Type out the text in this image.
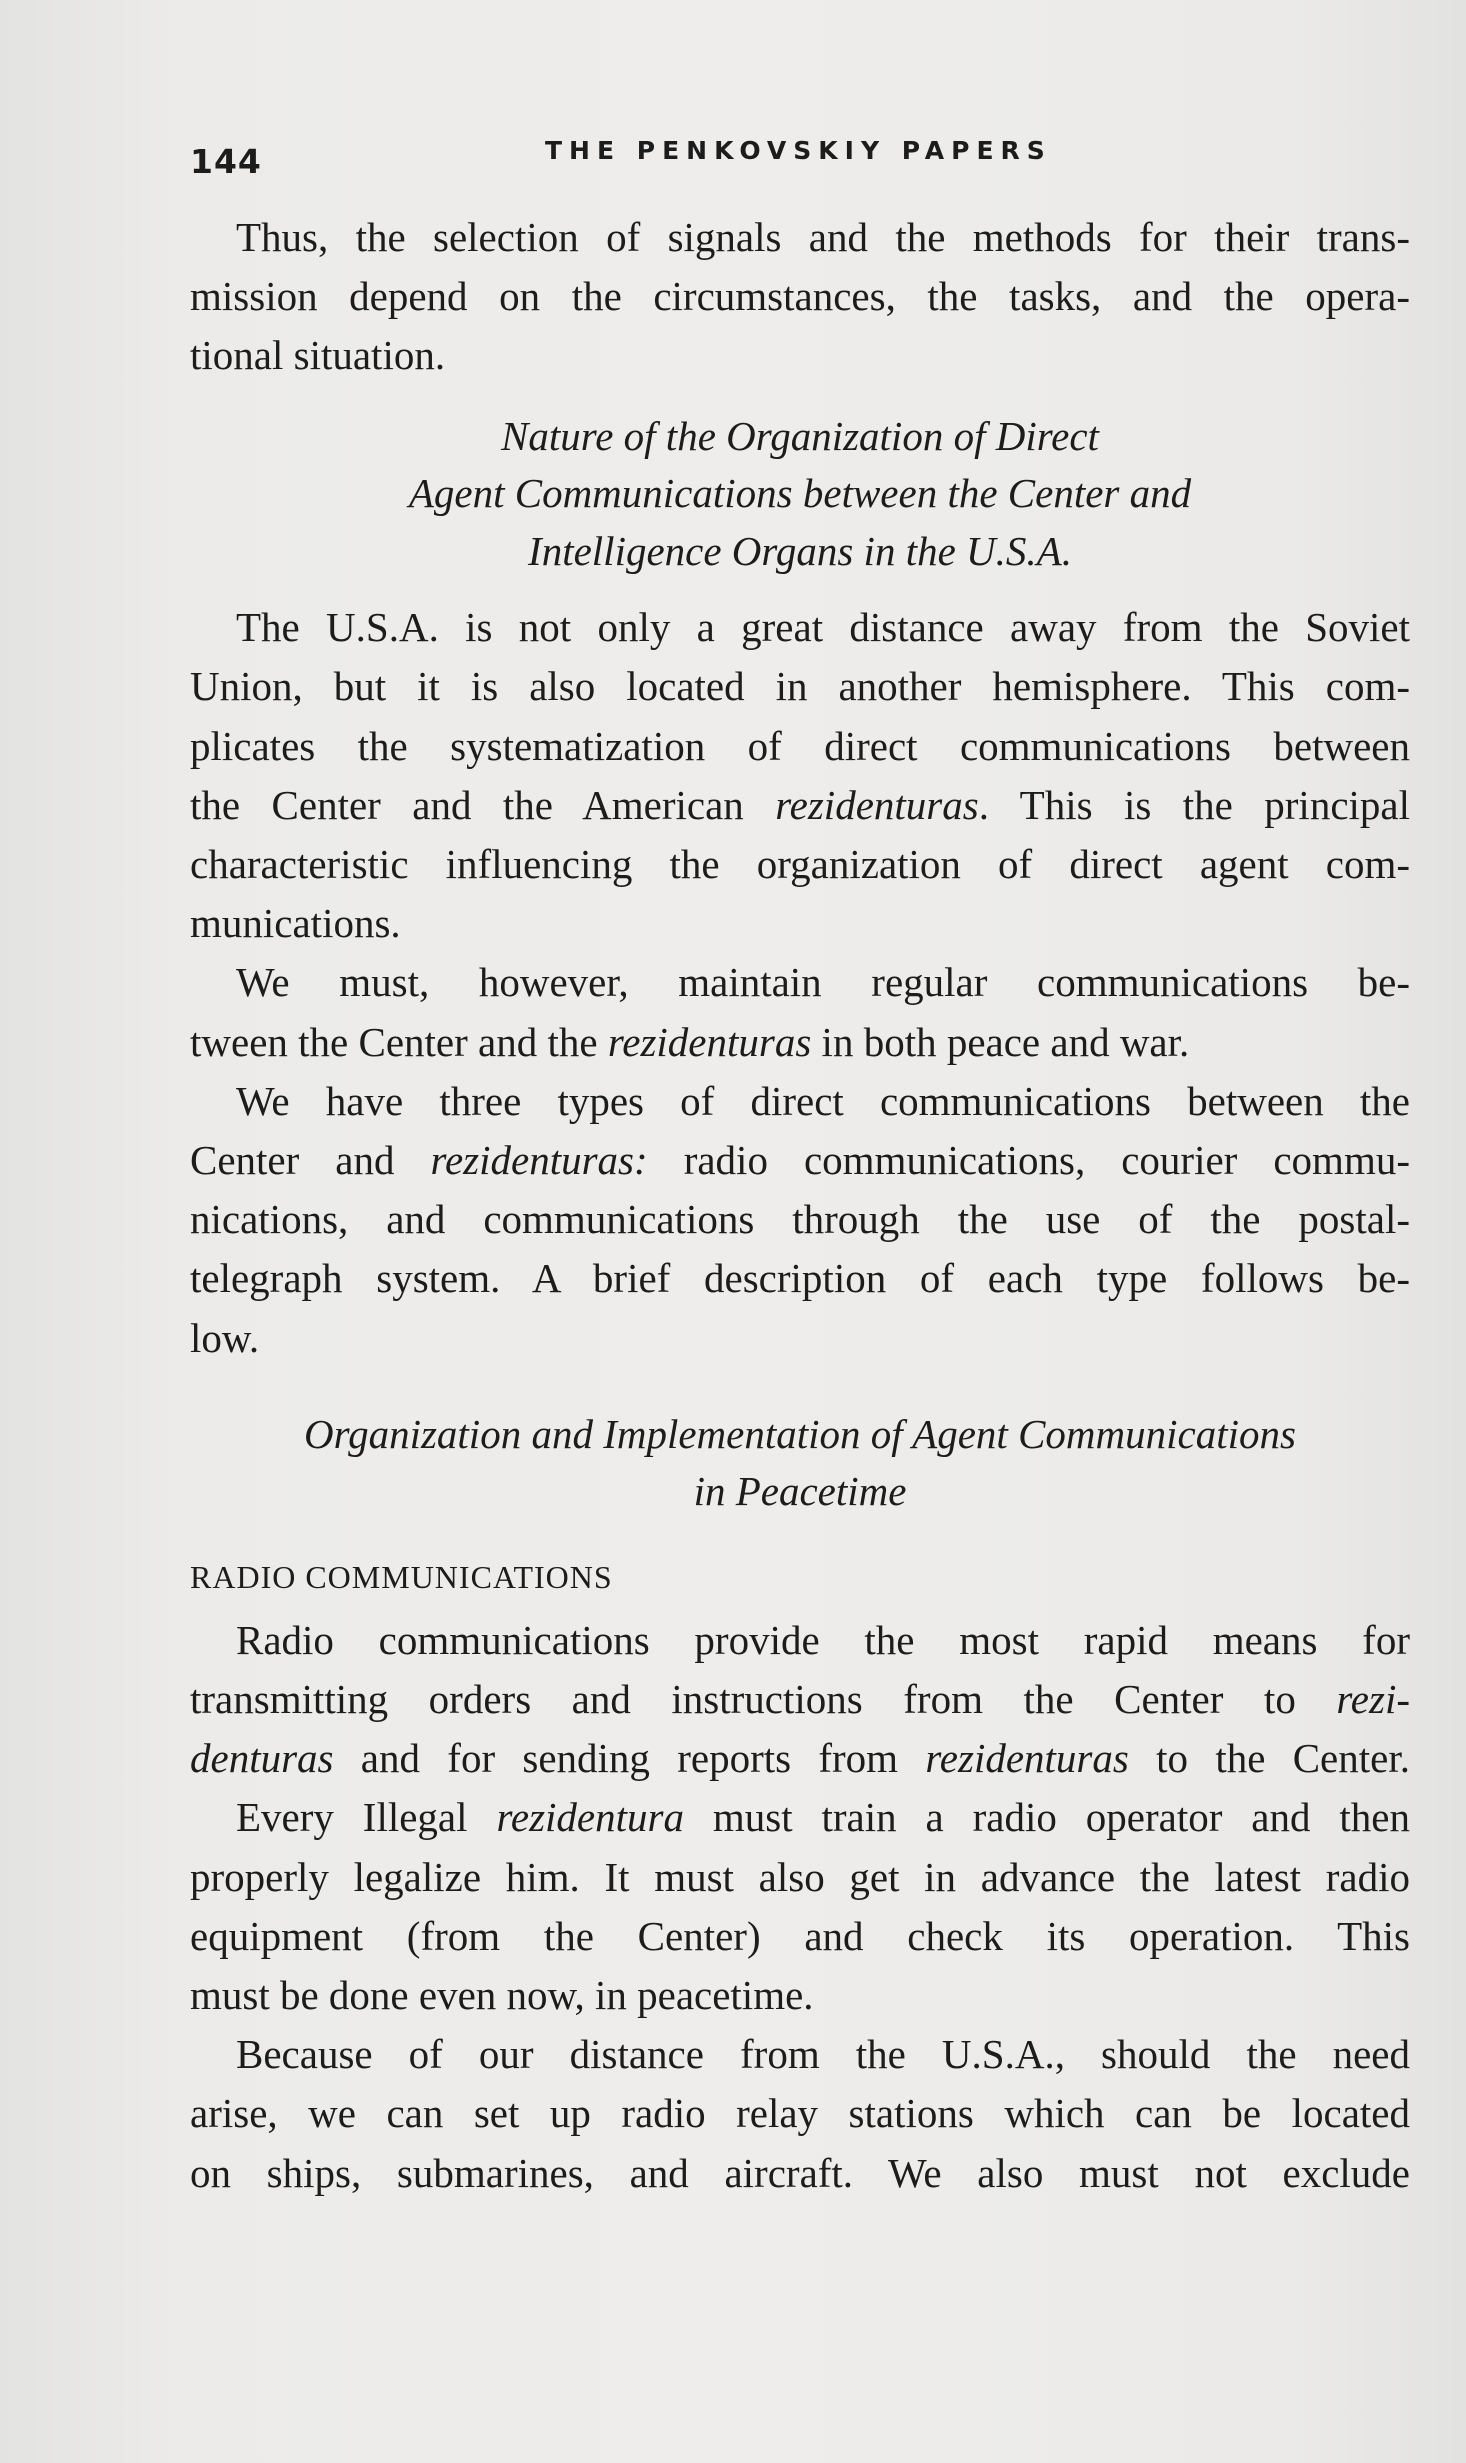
144	THE PENKOVSKIY PAPERS

Thus, the selection of signals and the methods for their trans-
mission depend on the circumstances, the tasks, and the opera-
tional situation.

Nature of the Organization of Direct
Agent Communications between the Center and
Intelligence Organs in the U.S.A.

The U.S.A. is not only a great distance away from the Soviet
Union, but it is also located in another hemisphere. This com-
plicates the systematization of direct communications between
the Center and the American rezidenturas. This is the principal
characteristic influencing the organization of direct agent com-
munications.

We must, however, maintain regular communications be-
tween the Center and the rezidenturas in both peace and war.

We have three types of direct communications between the
Center and rezidenturas: radio communications, courier commu-
nications, and communications through the use of the postal-
telegraph system. A brief description of each type follows be-
low.

Organization and Implementation of Agent Communications
in Peacetime
RADIO COMMUNICATIONS

Radio communications provide the most rapid means for
transmitting orders and instructions from the Center to rezi-
denturas and for sending reports from rezidenturas to the Center.

Every Illegal rezidentura must train a radio operator and then
properly legalize him. It must also get in advance the latest radio
equipment (from the Center) and check its operation. This
must be done even now, in peacetime.

Because of our distance from the U.S.A., should the need
arise, we can set up radio relay stations which can be located
on ships, submarines, and aircraft. We also must not exclude
